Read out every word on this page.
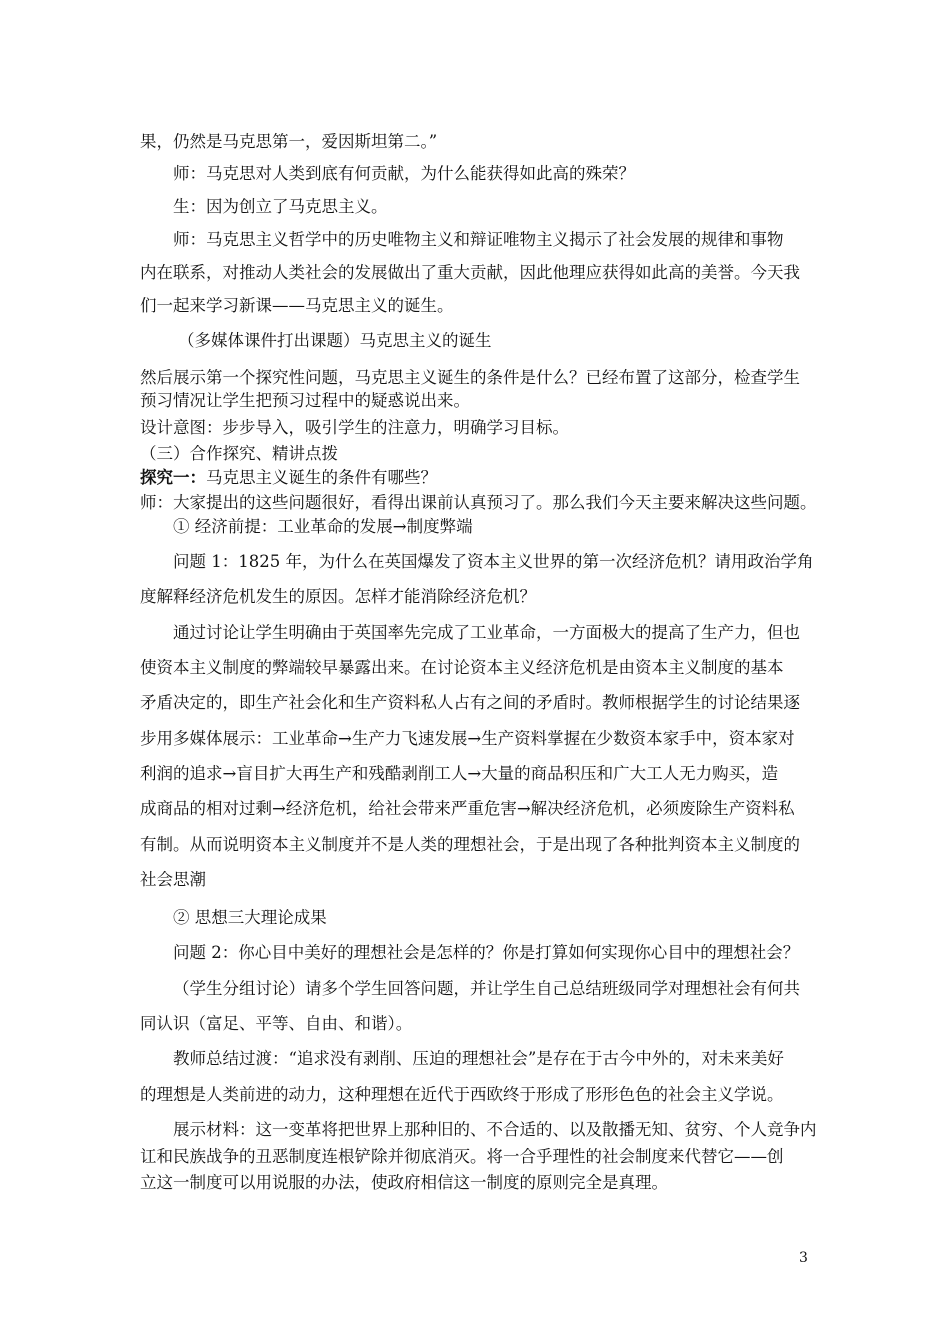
果，仍然是马克思第一，爱因斯坦第二。”
师：马克思对人类到底有何贡献，为什么能获得如此高的殊荣？
生：因为创立了马克思主义。
师：马克思主义哲学中的历史唯物主义和辩证唯物主义揭示了社会发展的规律和事物
内在联系，对推动人类社会的发展做出了重大贡献，因此他理应获得如此高的美誉。今天我
们一起来学习新课——马克思主义的诞生。
（多媒体课件打出课题）马克思主义的诞生
然后展示第一个探究性问题，马克思主义诞生的条件是什么？已经布置了这部分，检查学生
预习情况让学生把预习过程中的疑惑说出来。
设计意图：步步导入，吸引学生的注意力，明确学习目标。
（三）合作探究、精讲点拨
探究一：马克思主义诞生的条件有哪些？
师：大家提出的这些问题很好，看得出课前认真预习了。那么我们今天主要来解决这些问题。
① 经济前提：工业革命的发展→制度弊端
问题 1：1825 年，为什么在英国爆发了资本主义世界的第一次经济危机？请用政治学角
度解释经济危机发生的原因。怎样才能消除经济危机？
通过讨论让学生明确由于英国率先完成了工业革命，一方面极大的提高了生产力，但也
使资本主义制度的弊端较早暴露出来。在讨论资本主义经济危机是由资本主义制度的基本
矛盾决定的，即生产社会化和生产资料私人占有之间的矛盾时。教师根据学生的讨论结果逐
步用多媒体展示：工业革命→生产力飞速发展→生产资料掌握在少数资本家手中，资本家对
利润的追求→盲目扩大再生产和残酷剥削工人→大量的商品积压和广大工人无力购买，造
成商品的相对过剩→经济危机，给社会带来严重危害→解决经济危机，必须废除生产资料私
有制。从而说明资本主义制度并不是人类的理想社会，于是出现了各种批判资本主义制度的
社会思潮
② 思想三大理论成果
问题 2：你心目中美好的理想社会是怎样的？你是打算如何实现你心目中的理想社会？
（学生分组讨论）请多个学生回答问题，并让学生自己总结班级同学对理想社会有何共
同认识（富足、平等、自由、和谐）。
教师总结过渡：“追求没有剥削、压迫的理想社会”是存在于古今中外的，对未来美好
的理想是人类前进的动力，这种理想在近代于西欧终于形成了形形色色的社会主义学说。
展示材料：这一变革将把世界上那种旧的、不合适的、以及散播无知、贫穷、个人竞争内
讧和民族战争的丑恶制度连根铲除并彻底消灭。将一合乎理性的社会制度来代替它——创
立这一制度可以用说服的办法，使政府相信这一制度的原则完全是真理。
3
